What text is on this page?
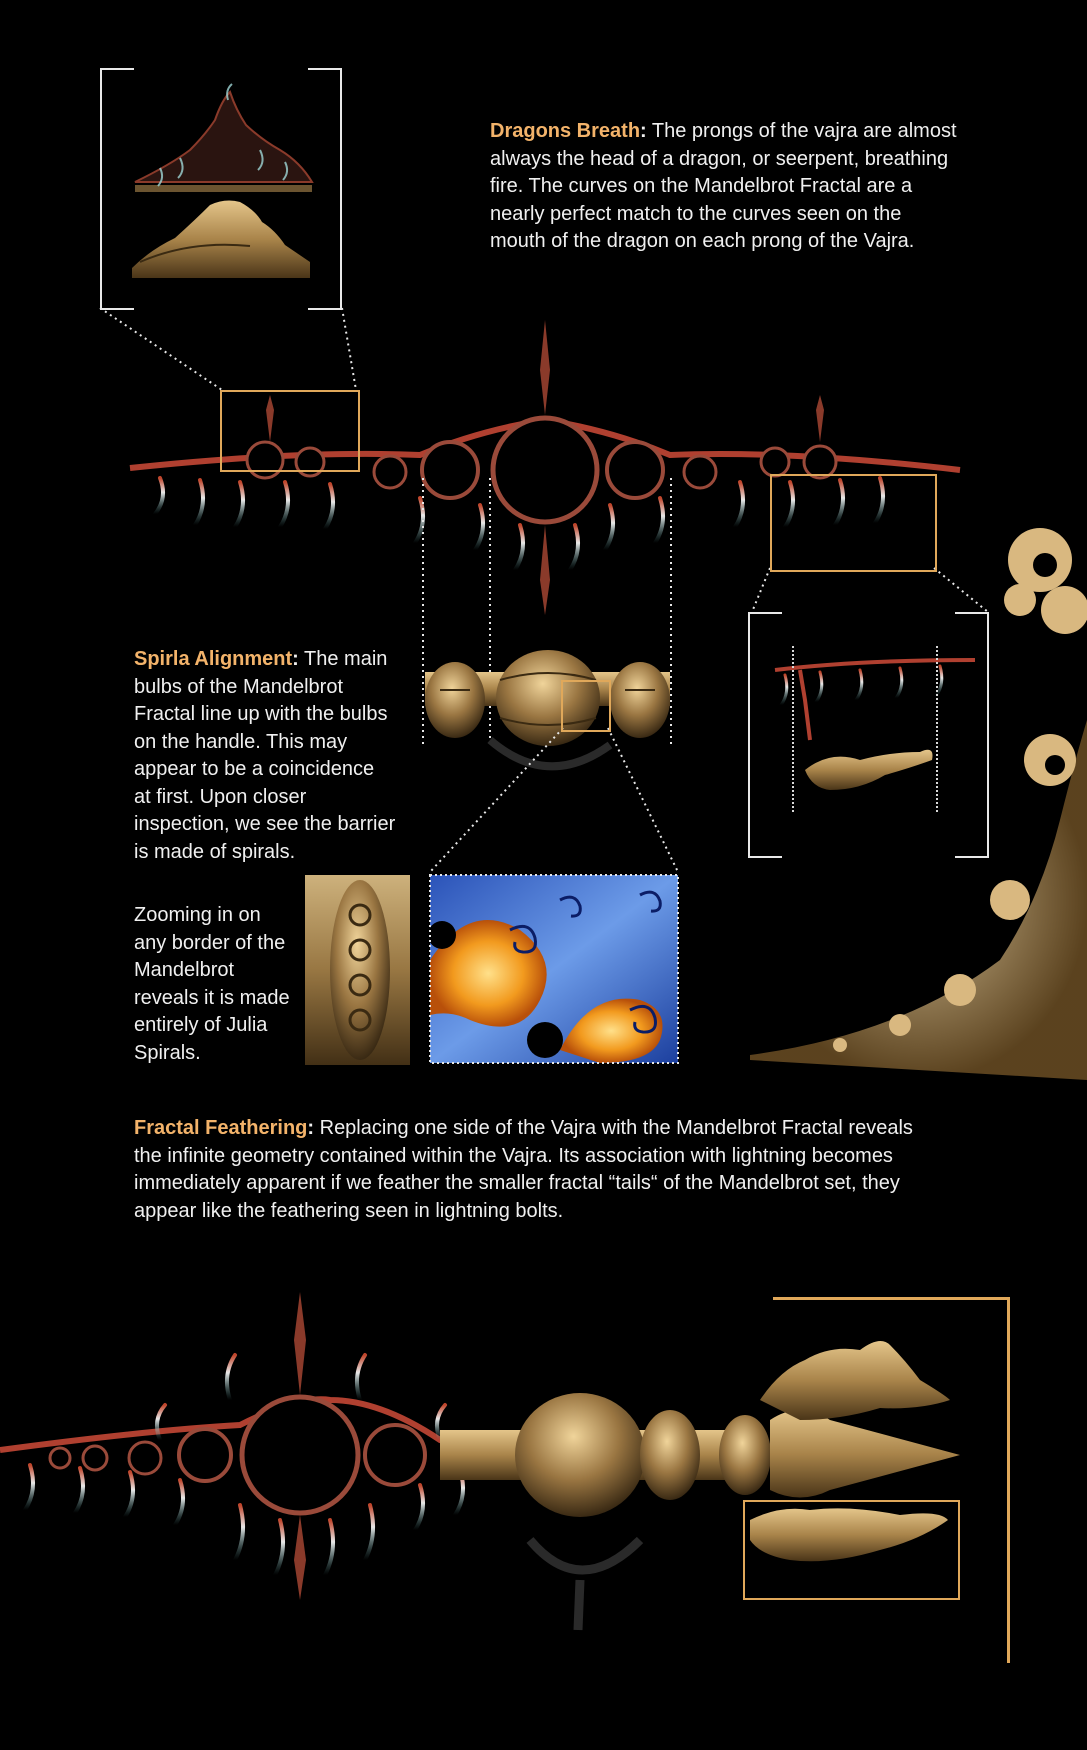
Dragons Breath: The prongs of the vajra are almost always the head of a dragon, or seerpent, breathing fire. The curves on the Mandelbrot Fractal are a nearly perfect match to the curves seen on the mouth of the dragon on each prong of the Vajra.
Spirla Alignment: The main bulbs of the Mandelbrot Fractal line up with the bulbs on the handle. This may appear to be a coincidence at first. Upon closer inspection, we see the barrier is made of spirals.
Zooming in on any border of the Mandelbrot reveals it is made entirely of Julia Spirals.
Fractal Feathering: Replacing one side of the Vajra with the Mandelbrot Fractal reveals the infinite geometry contained within the Vajra. Its association with lightning becomes immediately apparent if we feather the smaller fractal “tails“ of the Mandelbrot set, they appear like the feathering seen in lightning bolts.
